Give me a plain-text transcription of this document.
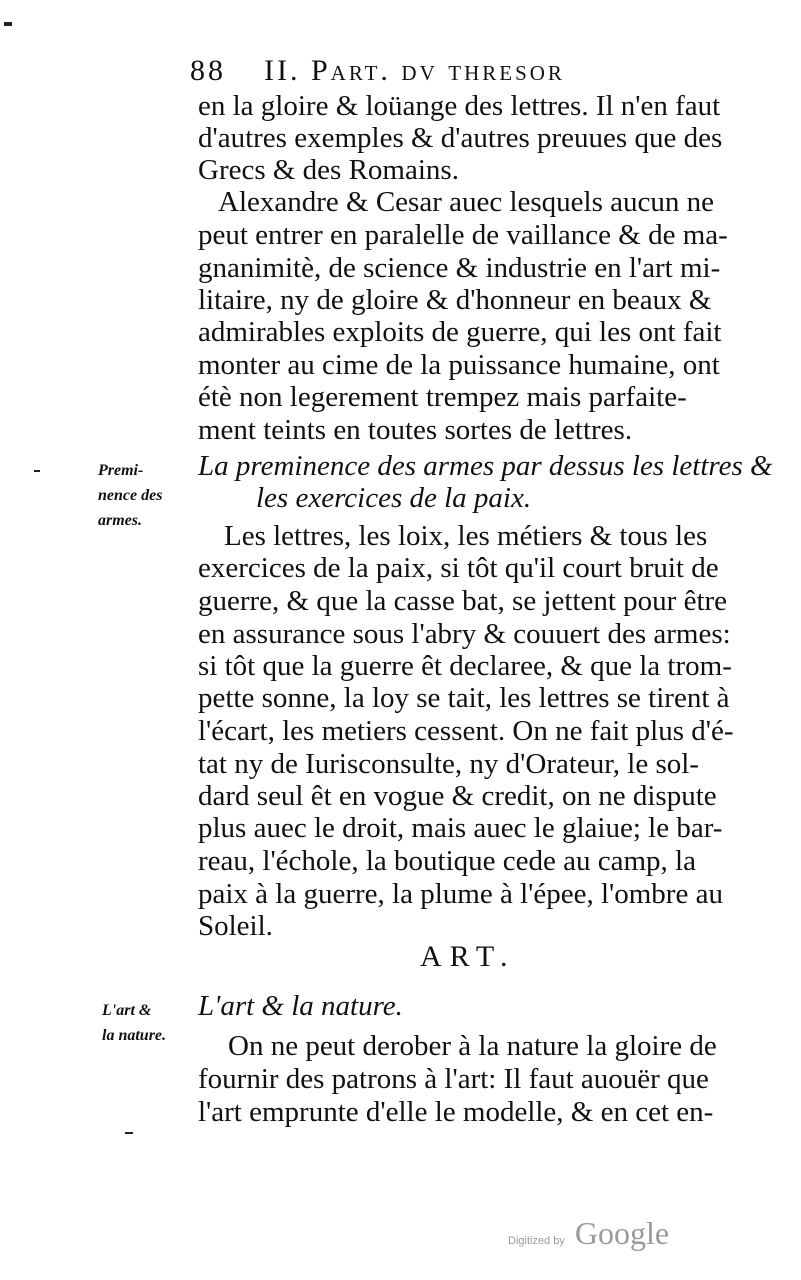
88 II. Part. dv thresor
en la gloire & loüange des lettres. Il n'en faut
d'autres exemples & d'autres preuues que des
Grecs & des Romains.
Alexandre & Cesar auec lesquels aucun ne
peut entrer en paralelle de vaillance & de ma-
gnanimitè, de science & industrie en l'art mi-
litaire, ny de gloire & d'honneur en beaux &
admirables exploits de guerre, qui les ont fait
monter au cime de la puissance humaine, ont
étè non legerement trempez mais parfaite-
ment teints en toutes sortes de lettres.
Premi-
nence des
armes.
La preminence des armes par dessus les lettres &
les exercices de la paix.
Les lettres, les loix, les métiers & tous les
exercices de la paix, si tôt qu'il court bruit de
guerre, & que la casse bat, se jettent pour être
en assurance sous l'abry & couuert des armes:
si tôt que la guerre êt declaree, & que la trom-
pette sonne, la loy se tait, les lettres se tirent à
l'écart, les metiers cessent. On ne fait plus d'é-
tat ny de Iurisconsulte, ny d'Orateur, le sol-
dard seul êt en vogue & credit, on ne dispute
plus auec le droit, mais auec le glaiue; le bar-
reau, l'échole, la boutique cede au camp, la
paix à la guerre, la plume à l'épee, l'ombre au
Soleil.
ART.
L'art &
la nature.
L'art & la nature.
On ne peut derober à la nature la gloire de
fournir des patrons à l'art: Il faut auouër que
l'art emprunte d'elle le modelle, & en cet en-
Digitized by Google
